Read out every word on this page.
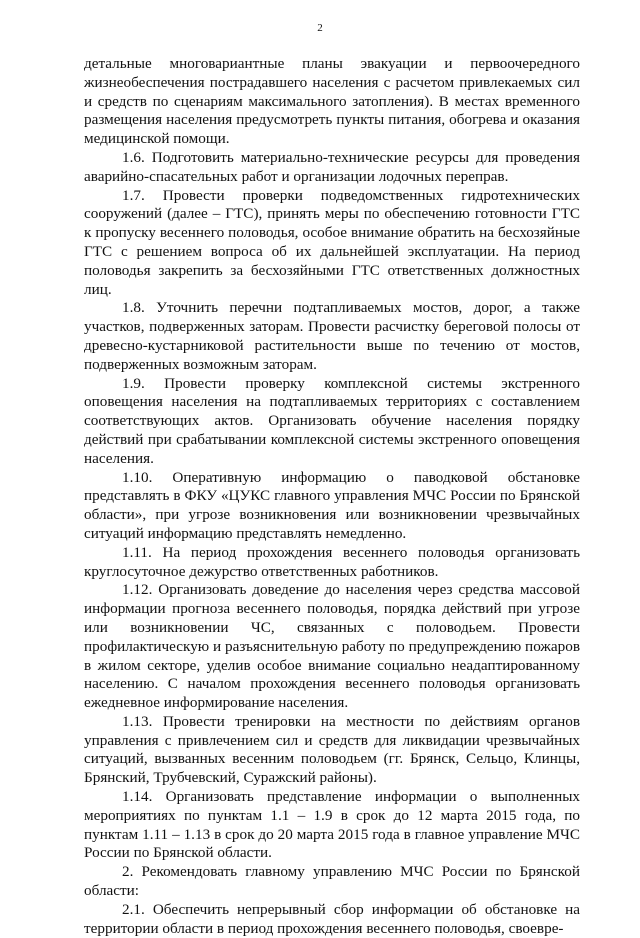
2

детальные многовариантные планы эвакуации и первоочередного жизнеобеспечения пострадавшего населения с расчетом привлекаемых сил и средств по сценариям максимального затопления). В местах временного размещения населения предусмотреть пункты питания, обогрева и оказания медицинской помощи.

1.6. Подготовить материально-технические ресурсы для проведения аварийно-спасательных работ и организации лодочных переправ.

1.7. Провести проверки подведомственных гидротехнических сооружений (далее – ГТС), принять меры по обеспечению готовности ГТС к пропуску весеннего половодья, особое внимание обратить на бесхозяйные ГТС с решением вопроса об их дальнейшей эксплуатации. На период половодья закрепить за бесхозяйными ГТС ответственных должностных лиц.

1.8. Уточнить перечни подтапливаемых мостов, дорог, а также участков, подверженных заторам. Провести расчистку береговой полосы от древесно-кустарниковой растительности выше по течению от мостов, подверженных возможным заторам.

1.9. Провести проверку комплексной системы экстренного оповещения населения на подтапливаемых территориях с составлением соответствующих актов. Организовать обучение населения порядку действий при срабатывании комплексной системы экстренного оповещения населения.

1.10. Оперативную информацию о паводковой обстановке представлять в ФКУ «ЦУКС главного управления МЧС России по Брянской области», при угрозе возникновения или возникновении чрезвычайных ситуаций информацию представлять немедленно.

1.11. На период прохождения весеннего половодья организовать круглосуточное дежурство ответственных работников.

1.12. Организовать доведение до населения через средства массовой информации прогноза весеннего половодья, порядка действий при угрозе или возникновении ЧС, связанных с половодьем. Провести профилактическую и разъяснительную работу по предупреждению пожаров в жилом секторе, уделив особое внимание социально неадаптированному населению. С началом прохождения весеннего половодья организовать ежедневное информирование населения.

1.13. Провести тренировки на местности по действиям органов управления с привлечением сил и средств для ликвидации чрезвычайных ситуаций, вызванных весенним половодьем (гг. Брянск, Сельцо, Клинцы, Брянский, Трубчевский, Суражский районы).

1.14. Организовать представление информации о выполненных мероприятиях по пунктам 1.1 – 1.9 в срок до 12 марта 2015 года, по пунктам 1.11 – 1.13 в срок до 20 марта 2015 года в главное управление МЧС России по Брянской области.

2. Рекомендовать главному управлению МЧС России по Брянской области:

2.1. Обеспечить непрерывный сбор информации об обстановке на территории области в период прохождения весеннего половодья, своевре-
